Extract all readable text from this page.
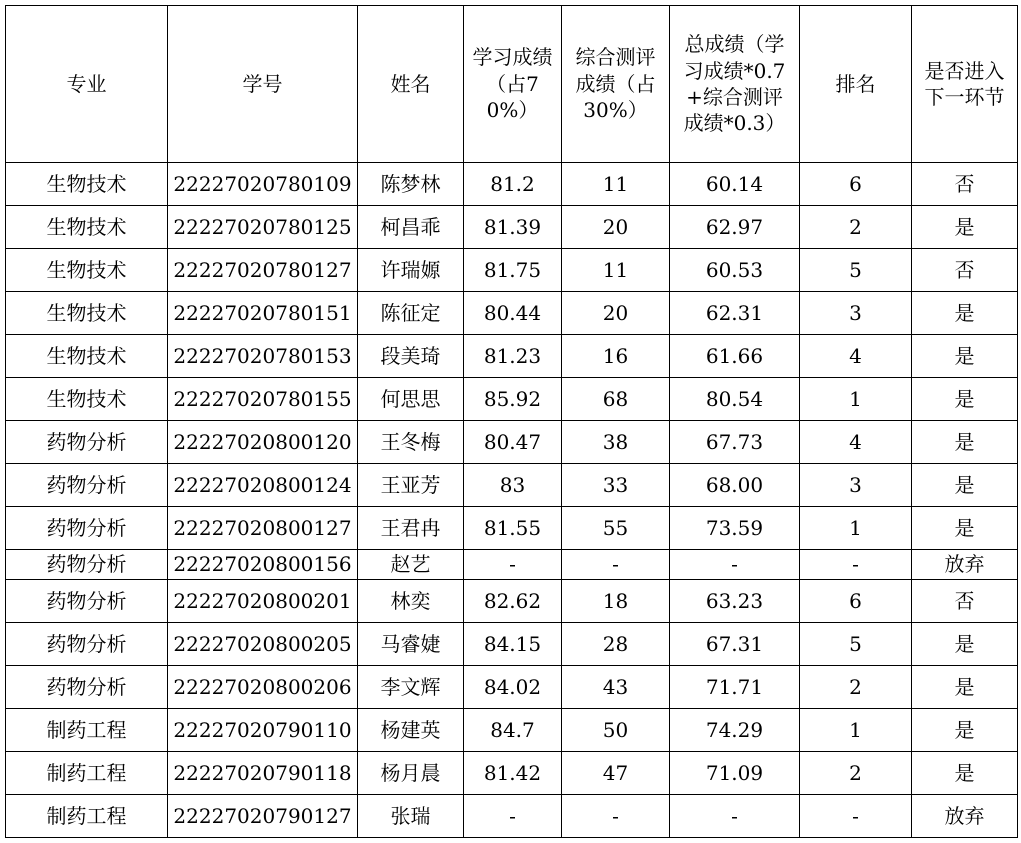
专业	学号	姓名	学习成绩（占70%）	综合测评成绩（占30%）	总成绩（学习成绩*0.7+综合测评成绩*0.3）	排名	是否进入下一环节

生物技术	22227020780109	陈梦林	81.2	11	60.14	6	否
生物技术	22227020780125	柯昌乖	81.39	20	62.97	2	是
生物技术	22227020780127	许瑞嫄	81.75	11	60.53	5	否
生物技术	22227020780151	陈征定	80.44	20	62.31	3	是
生物技术	22227020780153	段美琦	81.23	16	61.66	4	是
生物技术	22227020780155	何思思	85.92	68	80.54	1	是
药物分析	22227020800120	王冬梅	80.47	38	67.73	4	是
药物分析	22227020800124	王亚芳	83	33	68.00	3	是
药物分析	22227020800127	王君冉	81.55	55	73.59	1	是
药物分析	22227020800156	赵艺	-	-	-	-	放弃
药物分析	22227020800201	林奕	82.62	18	63.23	6	否
药物分析	22227020800205	马睿婕	84.15	28	67.31	5	是
药物分析	22227020800206	李文辉	84.02	43	71.71	2	是
制药工程	22227020790110	杨建英	84.7	50	74.29	1	是
制药工程	22227020790118	杨月晨	81.42	47	71.09	2	是
制药工程	22227020790127	张瑞	-	-	-	-	放弃
